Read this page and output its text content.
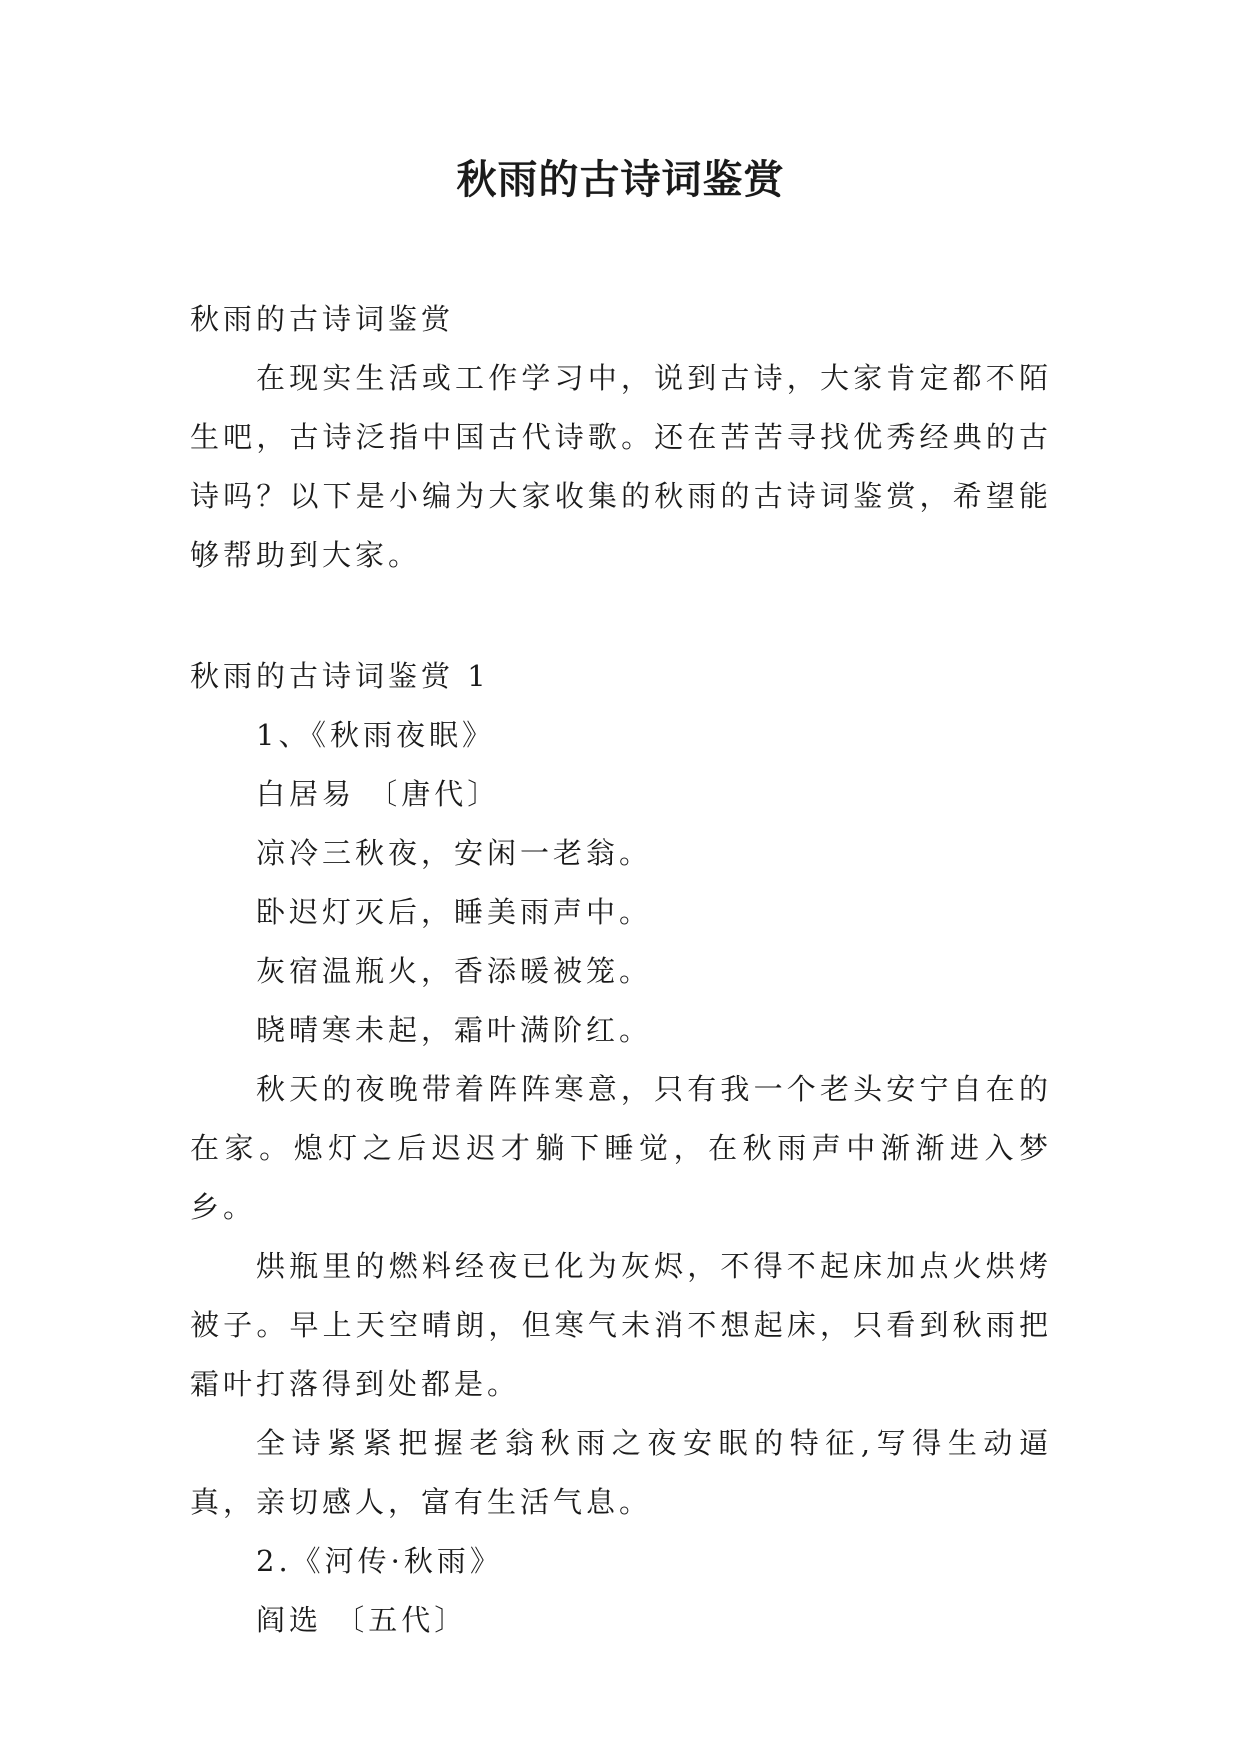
秋雨的古诗词鉴赏

秋雨的古诗词鉴赏

在现实生活或工作学习中，说到古诗，大家肯定都不陌生吧，古诗泛指中国古代诗歌。还在苦苦寻找优秀经典的古诗吗？以下是小编为大家收集的秋雨的古诗词鉴赏，希望能够帮助到大家。

秋雨的古诗词鉴赏 1

1、《秋雨夜眠》

白居易 〔唐代〕

凉冷三秋夜，安闲一老翁。

卧迟灯灭后，睡美雨声中。

灰宿温瓶火，香添暖被笼。

晓晴寒未起，霜叶满阶红。

秋天的夜晚带着阵阵寒意，只有我一个老头安宁自在的在家。熄灯之后迟迟才躺下睡觉，在秋雨声中渐渐进入梦乡。

烘瓶里的燃料经夜已化为灰烬，不得不起床加点火烘烤被子。早上天空晴朗，但寒气未消不想起床，只看到秋雨把霜叶打落得到处都是。

全诗紧紧把握老翁秋雨之夜安眠的特征,写得生动逼真，亲切感人，富有生活气息。

2.《河传·秋雨》

阎选 〔五代〕
